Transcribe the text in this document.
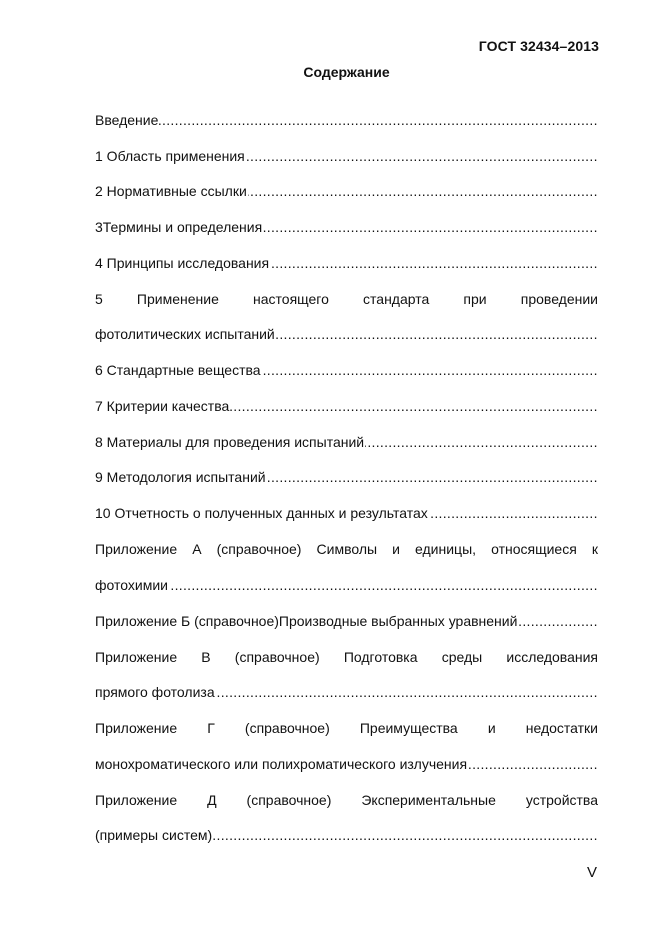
ГОСТ 32434–2013
Содержание
Введение .....
1 Область применения .....
2 Нормативные ссылки .....
3Термины и определения .....
4 Принципы исследования .....
5 Применение настоящего стандарта при проведении
фотолитических испытаний .....
6 Стандартные вещества .....
7 Критерии качества .....
8 Материалы для проведения испытаний .....
9 Методология испытаний .....
10 Отчетность о полученных данных и результатах .....
Приложение А (справочное) Символы и единицы, относящиеся к
фотохимии .....
Приложение Б (справочное)Производные выбранных уравнений .....
Приложение В (справочное) Подготовка среды исследования
прямого фотолиза .....
Приложение Г (справочное) Преимущества и недостатки
монохроматического или полихроматического излучения .....
Приложение Д (справочное) Экспериментальные устройства
(примеры систем) .....
V
